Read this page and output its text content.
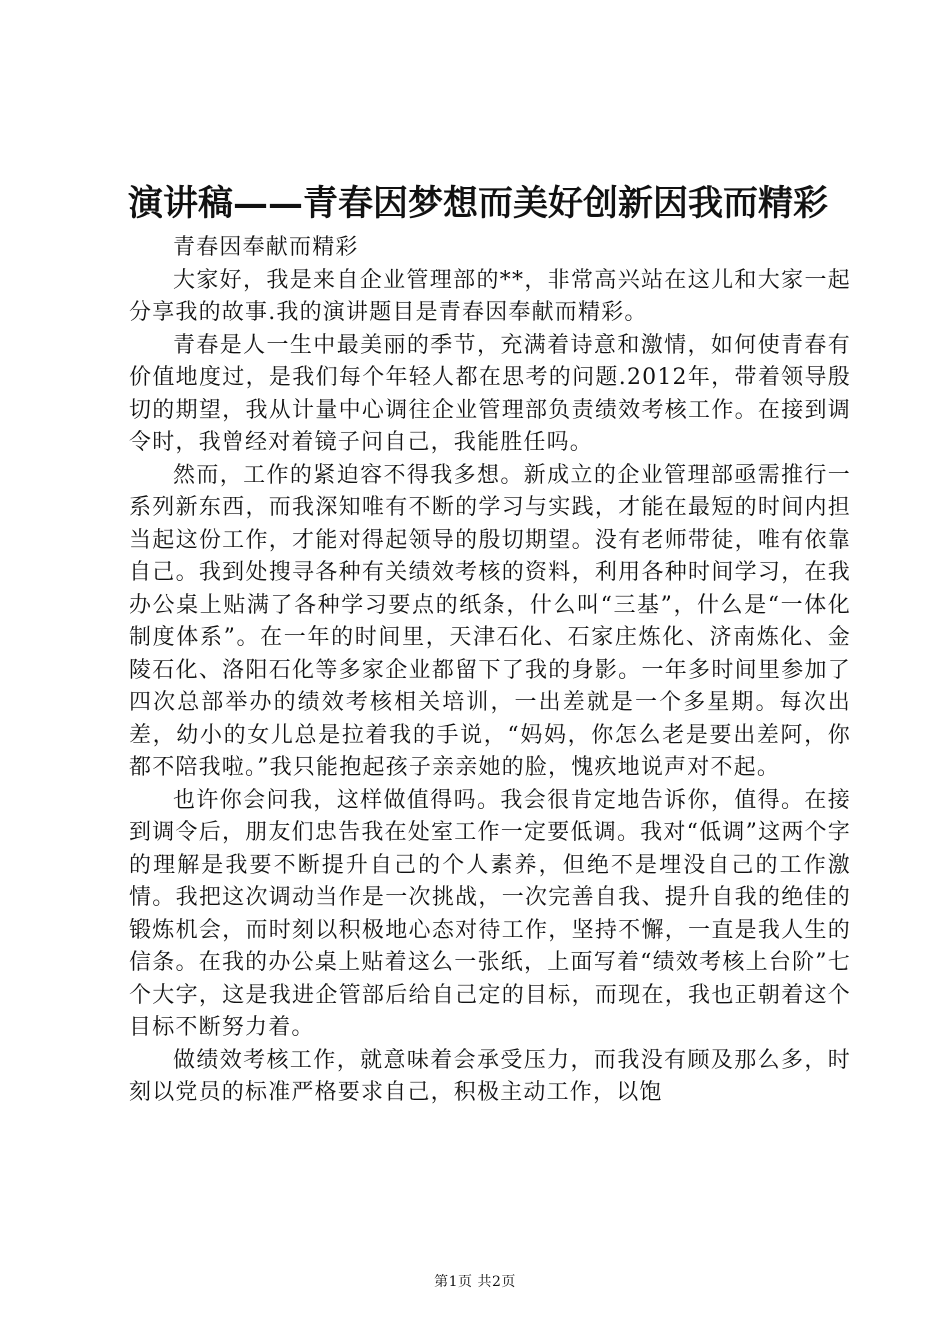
演讲稿——青春因梦想而美好创新因我而精彩

青春因奉献而精彩

大家好，我是来自企业管理部的**，非常高兴站在这儿和大家一起分享我的故事.我的演讲题目是青春因奉献而精彩。

青春是人一生中最美丽的季节，充满着诗意和激情，如何使青春有价值地度过，是我们每个年轻人都在思考的问题.2012年，带着领导殷切的期望，我从计量中心调往企业管理部负责绩效考核工作。在接到调令时，我曾经对着镜子问自己，我能胜任吗。

然而，工作的紧迫容不得我多想。新成立的企业管理部亟需推行一系列新东西，而我深知唯有不断的学习与实践，才能在最短的时间内担当起这份工作，才能对得起领导的殷切期望。没有老师带徒，唯有依靠自己。我到处搜寻各种有关绩效考核的资料，利用各种时间学习，在我办公桌上贴满了各种学习要点的纸条，什么叫“三基”，什么是“一体化制度体系”。在一年的时间里，天津石化、石家庄炼化、济南炼化、金陵石化、洛阳石化等多家企业都留下了我的身影。一年多时间里参加了四次总部举办的绩效考核相关培训，一出差就是一个多星期。每次出差，幼小的女儿总是拉着我的手说，“妈妈，你怎么老是要出差阿，你都不陪我啦。”我只能抱起孩子亲亲她的脸，愧疚地说声对不起。

也许你会问我，这样做值得吗。我会很肯定地告诉你，值得。在接到调令后，朋友们忠告我在处室工作一定要低调。我对“低调”这两个字的理解是我要不断提升自己的个人素养，但绝不是埋没自己的工作激情。我把这次调动当作是一次挑战，一次完善自我、提升自我的绝佳的锻炼机会，而时刻以积极地心态对待工作，坚持不懈，一直是我人生的信条。在我的办公桌上贴着这么一张纸，上面写着“绩效考核上台阶”七个大字，这是我进企管部后给自己定的目标，而现在，我也正朝着这个目标不断努力着。

做绩效考核工作，就意味着会承受压力，而我没有顾及那么多，时刻以党员的标准严格要求自己，积极主动工作，以饱

第1页 共2页
